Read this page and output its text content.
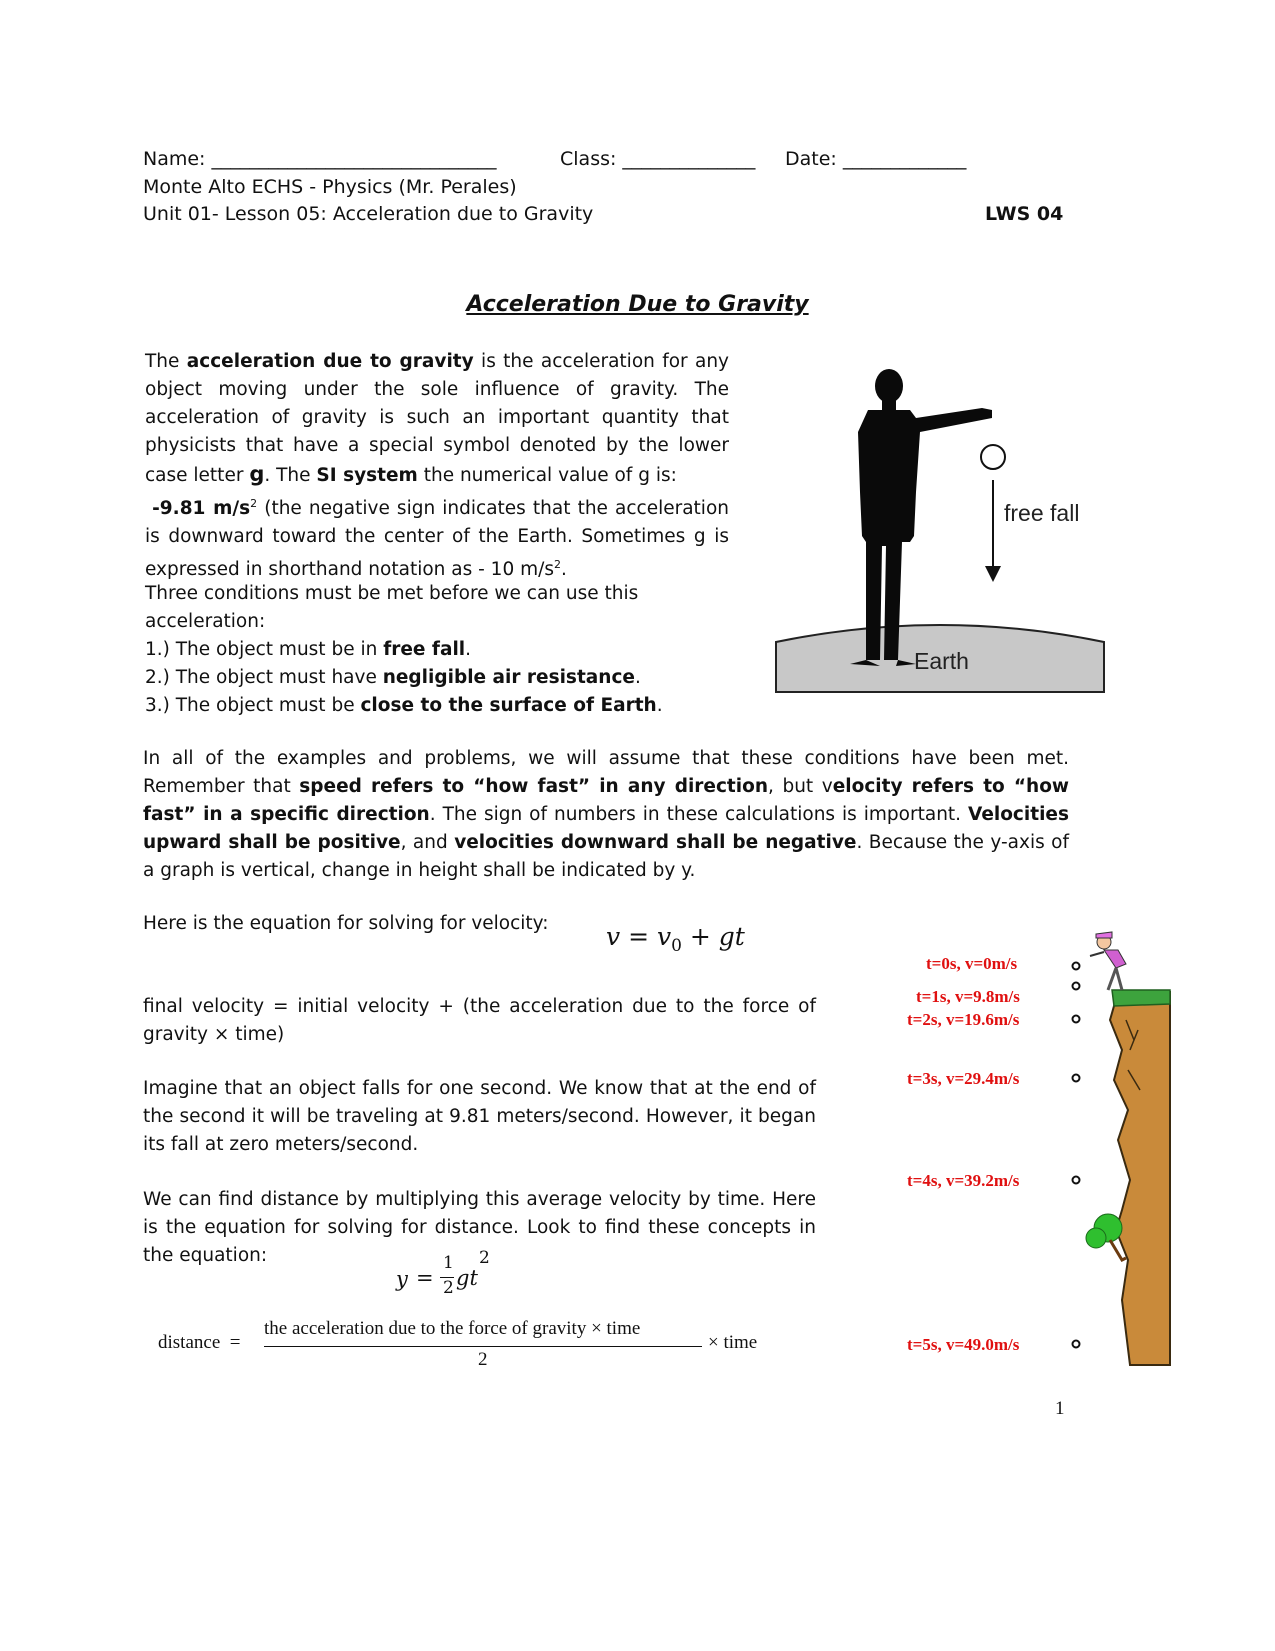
Name: ______________________________	Class: ______________ Date: _____________
Monte Alto ECHS - Physics (Mr. Perales)
Unit 01- Lesson 05: Acceleration due to Gravity	LWS 04
Acceleration Due to Gravity
The acceleration due to gravity is the acceleration for any object moving under the sole influence of gravity. The acceleration of gravity is such an important quantity that physicists that have a special symbol denoted by the lower case letter g. The SI system the numerical value of g is:
-9.81 $m/s^2$ (the negative sign indicates that the acceleration is downward toward the center of the Earth. Sometimes g is expressed in shorthand notation as - 10 $m/s^2$.
Three conditions must be met before we can use this acceleration:
1.) The object must be in free fall.
2.) The object must have negligible air resistance.
3.) The object must be close to the surface of Earth.
free fall
Earth
In all of the examples and problems, we will assume that these conditions have been met. Remember that speed refers to “how fast” in any direction, but velocity refers to “how fast” in a specific direction. The sign of numbers in these calculations is important. Velocities upward shall be positive, and velocities downward shall be negative. Because the y-axis of a graph is vertical, change in height shall be indicated by y.
Here is the equation for solving for velocity: $v = v_0$ + gt
final velocity = initial velocity + (the acceleration due to the force of gravity × time)
Imagine that an object falls for one second. We know that at the end of the second it will be traveling at 9.81 meters/second. However, it began its fall at zero meters/second.
We can find distance by multiplying this average velocity by time. Here is the equation for solving for distance. Look to find these concepts in the equation:
y =
1
2 gt
2
distance  =
the acceleration due to the force of gravity × time
2
× time
t=0s, v=0m/s
t=1s, v=9.8m/s
t=2s, v=19.6m/s
t=3s, v=29.4m/s
t=4s, v=39.2m/s
t=5s, v=49.0m/s
1
